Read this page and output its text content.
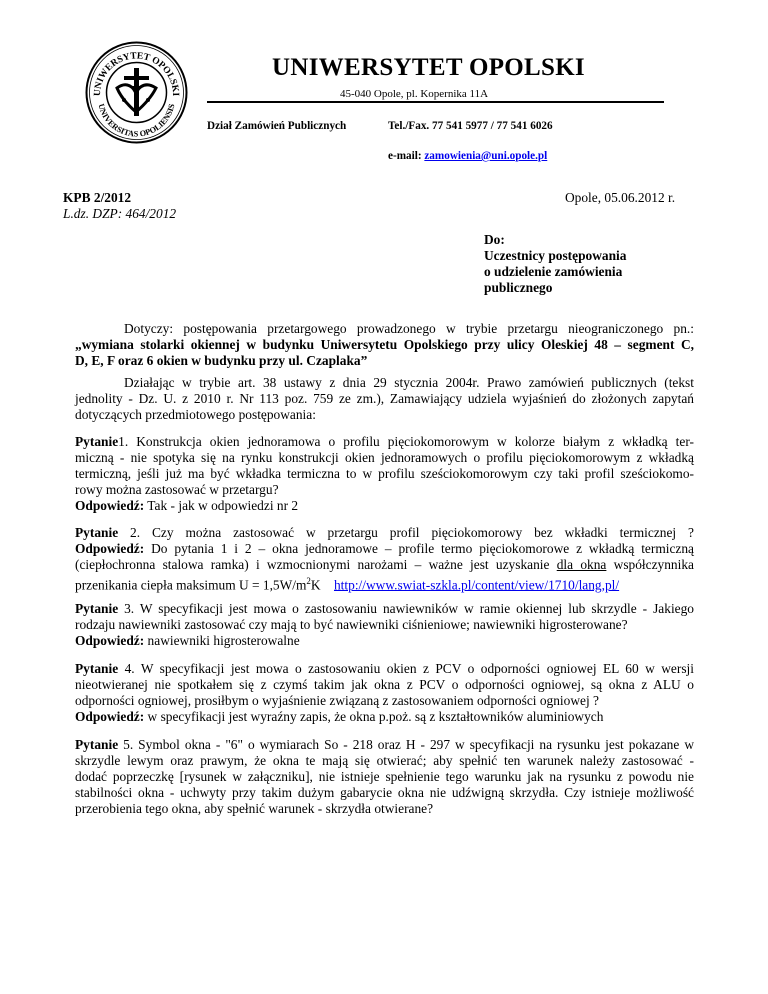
UNIWERSYTET OPOLSKI
UNIVERSITAS OPOLIENSIS
UNIWERSYTET OPOLSKI
45-040 Opole, pl. Kopernika 11A
Dział Zamówień Publicznych	Tel./Fax. 77 541 5977 / 77 541 6026
e-mail: zamowienia@uni.opole.pl
KPB 2/2012
L.dz. DZP: 464/2012
Opole, 05.06.2012 r.
Do:
Uczestnicy postępowania
o udzielenie zamówienia
publicznego
Dotyczy: postępowania przetargowego prowadzonego w trybie przetargu nieograniczonego pn.:
„wymiana stolarki okiennej w budynku Uniwersytetu Opolskiego przy ulicy Oleskiej 48 – segment C,
D, E, F oraz 6 okien w budynku przy ul. Czaplaka”
Działając w trybie art. 38 ustawy z dnia 29 stycznia 2004r. Prawo zamówień publicznych (tekst
jednolity - Dz. U. z 2010 r. Nr 113 poz. 759 ze zm.), Zamawiający udziela wyjaśnień do złożonych zapytań
dotyczących przedmiotowego postępowania:
Pytanie1. Konstrukcja okien jednoramowa o profilu pięciokomorowym w kolorze białym z wkładką ter-
miczną - nie spotyka się na rynku konstrukcji okien jednoramowych o profilu pięciokomorowym z wkładką
termiczną, jeśli już ma być wkładka termiczna to w profilu sześciokomorowym czy taki profil sześciokomo-
rowy można zastosować w przetargu?
Odpowiedź: Tak - jak w odpowiedzi nr 2
Pytanie 2. Czy można zastosować w przetargu profil pięciokomorowy bez wkładki termicznej ?
Odpowiedź: Do pytania 1 i 2 – okna jednoramowe – profile termo pięciokomorowe z wkładką termiczną
(ciepłochronna stalowa ramka) i wzmocnionymi narożami – ważne jest uzyskanie dla okna współczynnika
przenikania ciepła maksimum $U = 1,5W/m^2K$    http://www.swiat-szkla.pl/content/view/1710/lang,pl/
Pytanie 3. W specyfikacji jest mowa o zastosowaniu nawiewników w ramie okiennej lub skrzydle - Jakiego
rodzaju nawiewniki zastosować czy mają to być nawiewniki ciśnieniowe; nawiewniki higrosterowane?
Odpowiedź: nawiewniki higrosterowalne
Pytanie 4. W specyfikacji jest mowa o zastosowaniu okien z PCV o odporności ogniowej EL 60 w wersji
nieotwieranej nie spotkałem się z czymś takim jak okna z PCV o odporności ogniowej, są okna z ALU o
odporności ogniowej, prosiłbym o wyjaśnienie związaną z zastosowaniem odporności ogniowej ?
Odpowiedź: w specyfikacji jest wyraźny zapis, że okna p.poż. są z kształtowników aluminiowych
Pytanie 5. Symbol okna - "6" o wymiarach So - 218 oraz H - 297 w specyfikacji na rysunku jest pokazane w
skrzydle lewym oraz prawym, że okna te mają się otwierać; aby spełnić ten warunek należy zastosować -
dodać poprzeczkę [rysunek w załączniku], nie istnieje spełnienie tego warunku jak na rysunku z powodu nie
stabilności okna - uchwyty przy takim dużym gabarycie okna nie udźwigną skrzydła. Czy istnieje możliwość
przerobienia tego okna, aby spełnić warunek - skrzydła otwierane?
